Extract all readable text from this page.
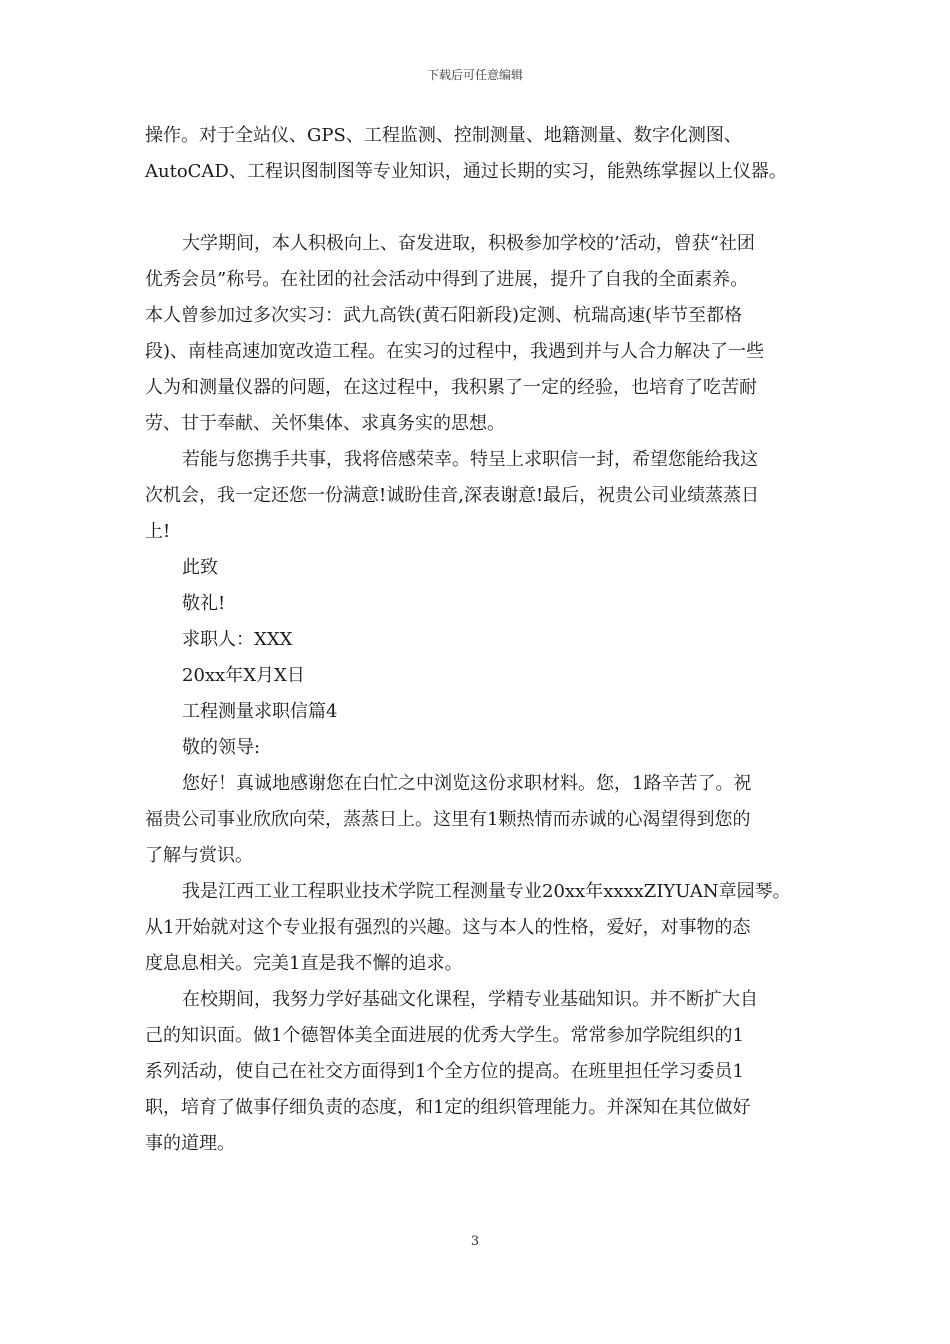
下载后可任意编辑
操作。对于全站仪、GPS、工程监测、控制测量、地籍测量、数字化测图、
AutoCAD、工程识图制图等专业知识，通过长期的实习，能熟练掌握以上仪器。
大学期间，本人积极向上、奋发进取，积极参加学校的’活动，曾获“社团
优秀会员”称号。在社团的社会活动中得到了进展，提升了自我的全面素养。
本人曾参加过多次实习：武九高铁(黄石阳新段)定测、杭瑞高速(毕节至都格
段)、南桂高速加宽改造工程。在实习的过程中，我遇到并与人合力解决了一些
人为和测量仪器的问题，在这过程中，我积累了一定的经验，也培育了吃苦耐
劳、甘于奉献、关怀集体、求真务实的思想。
若能与您携手共事，我将倍感荣幸。特呈上求职信一封，希望您能给我这
次机会，我一定还您一份满意!诚盼佳音,深表谢意!最后，祝贵公司业绩蒸蒸日
上!
此致
敬礼!
求职人：XXX
20xx年X月X日
工程测量求职信篇4
敬的领导:
您好！真诚地感谢您在白忙之中浏览这份求职材料。您，1路辛苦了。祝
福贵公司事业欣欣向荣，蒸蒸日上。这里有1颗热情而赤诚的心渴望得到您的
了解与赏识。
我是江西工业工程职业技术学院工程测量专业20xx年xxxxZIYUAN章园琴。
从1开始就对这个专业报有强烈的兴趣。这与本人的性格，爱好，对事物的态
度息息相关。完美1直是我不懈的追求。
在校期间，我努力学好基础文化课程，学精专业基础知识。并不断扩大自
己的知识面。做1个德智体美全面进展的优秀大学生。常常参加学院组织的1
系列活动，使自己在社交方面得到1个全方位的提高。在班里担任学习委员1
职，培育了做事仔细负责的态度，和1定的组织管理能力。并深知在其位做好
事的道理。
3
